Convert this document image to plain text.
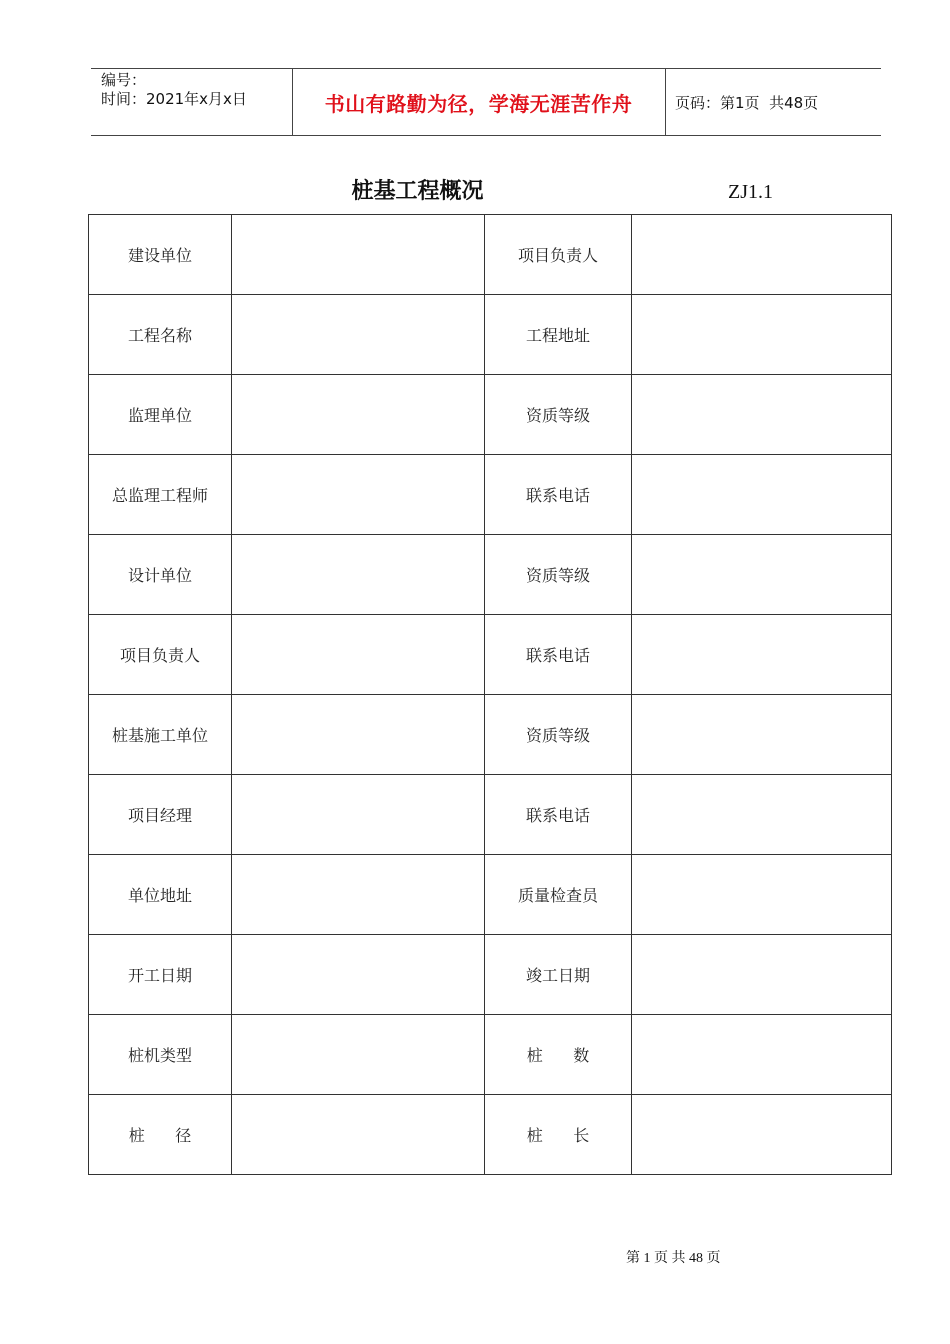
编号：
时间：2021年x月x日	书山有路勤为径，学海无涯苦作舟	页码：第1页  共48页
桩基工程概况	ZJ1.1
建设单位		项目负责人	
工程名称		工程地址	
监理单位		资质等级	
总监理工程师		联系电话	
设计单位		资质等级	
项目负责人		联系电话	
桩基施工单位		资质等级	
项目经理		联系电话	
单位地址		质量检查员	
开工日期		竣工日期	
桩机类型		桩      数	
桩      径		桩      长	
第 1 页 共 48 页
